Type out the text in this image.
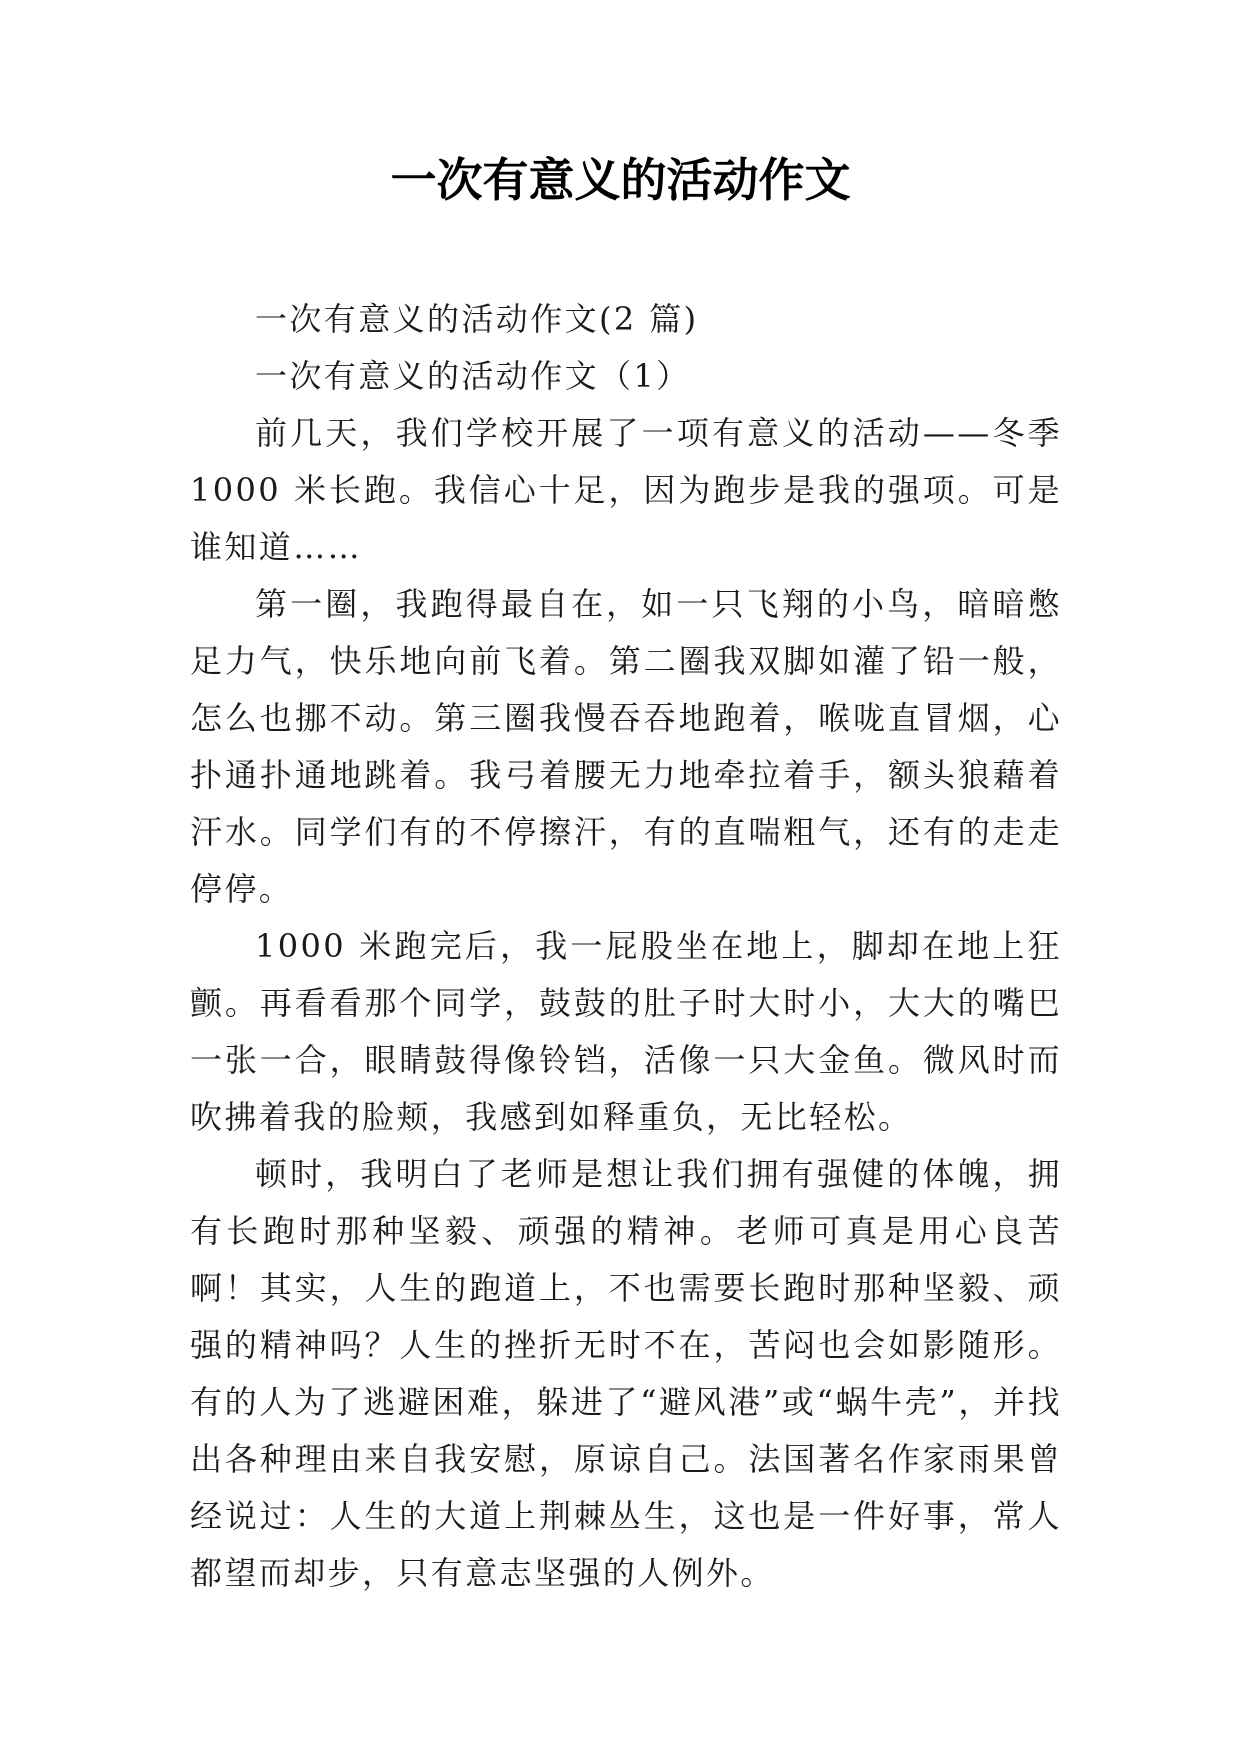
一次有意义的活动作文

一次有意义的活动作文(2 篇)

一次有意义的活动作文（1）

前几天，我们学校开展了一项有意义的活动——冬季 1000 米长跑。我信心十足，因为跑步是我的强项。可是谁知道……

第一圈，我跑得最自在，如一只飞翔的小鸟，暗暗憋足力气，快乐地向前飞着。第二圈我双脚如灌了铅一般，怎么也挪不动。第三圈我慢吞吞地跑着，喉咙直冒烟，心扑通扑通地跳着。我弓着腰无力地牵拉着手，额头狼藉着汗水。同学们有的不停擦汗，有的直喘粗气，还有的走走停停。

1000 米跑完后，我一屁股坐在地上，脚却在地上狂颤。再看看那个同学，鼓鼓的肚子时大时小，大大的嘴巴一张一合，眼睛鼓得像铃铛，活像一只大金鱼。微风时而吹拂着我的脸颊，我感到如释重负，无比轻松。

顿时，我明白了老师是想让我们拥有强健的体魄，拥有长跑时那种坚毅、顽强的精神。老师可真是用心良苦啊！其实，人生的跑道上，不也需要长跑时那种坚毅、顽强的精神吗？人生的挫折无时不在，苦闷也会如影随形。有的人为了逃避困难，躲进了“避风港”或“蜗牛壳”，并找出各种理由来自我安慰，原谅自己。法国著名作家雨果曾经说过：人生的大道上荆棘丛生，这也是一件好事，常人都望而却步，只有意志坚强的人例外。
